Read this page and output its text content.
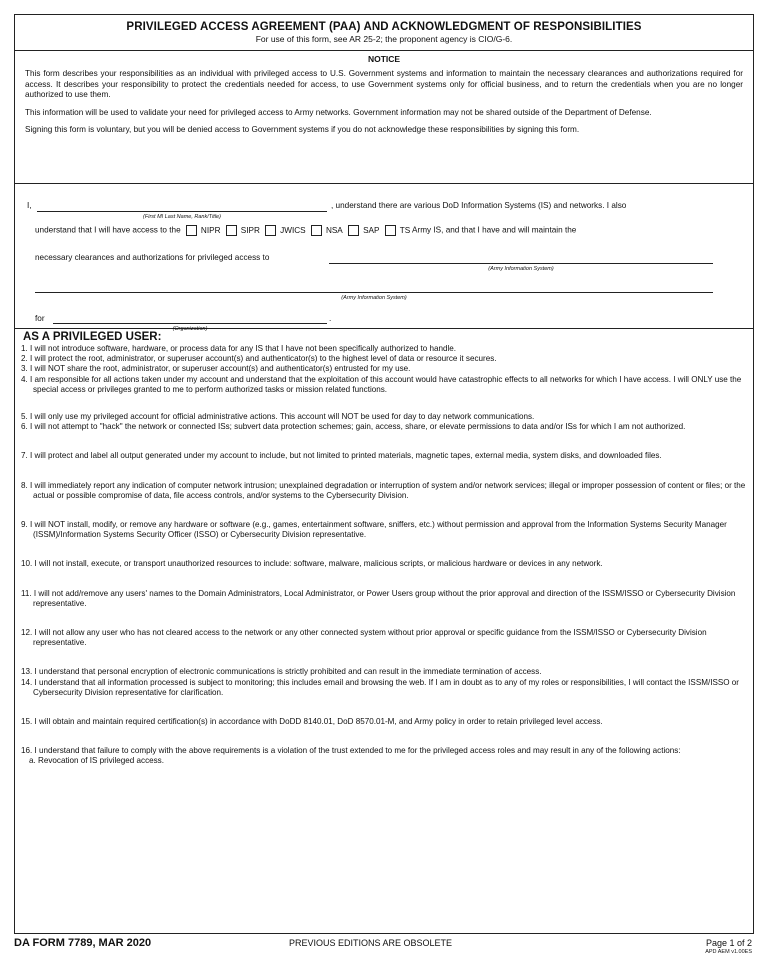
PRIVILEGED ACCESS AGREEMENT (PAA) AND ACKNOWLEDGMENT OF RESPONSIBILITIES
For use of this form, see AR 25-2; the proponent agency is CIO/G-6.
NOTICE

This form describes your responsibilities as an individual with privileged access to U.S. Government systems and information to maintain the necessary clearances and authorizations required for access. It describes your responsibility to protect the credentials needed for access, to use Government systems only for official business, and to return the credentials when you are no longer authorized to use them.

This information will be used to validate your need for privileged access to Army networks. Government information may not be shared outside of the Department of Defense.

Signing this form is voluntary, but you will be denied access to Government systems if you do not acknowledge these responsibilities by signing this form.

I,	, understand there are various DoD Information Systems (IS) and networks. I also
(First MI Last Name, Rank/Title)
understand that I will have access to the NIPR SIPR JWICS NSA SAP TS Army IS, and that I have and will maintain the
necessary clearances and authorizations for privileged access to
(Army Information System)
(Army Information System)
for	.
(Organization)
AS A PRIVILEGED USER:

1. I will not introduce software, hardware, or process data for any IS that I have not been specifically authorized to handle.

2. I will protect the root, administrator, or superuser account(s) and authenticator(s) to the highest level of data or resource it secures.

3. I will NOT share the root, administrator, or superuser account(s) and authenticator(s) entrusted for my use.

4. I am responsible for all actions taken under my account and understand that the exploitation of this account would have catastrophic effects to all networks for which I have access. I will ONLY use the special access or privileges granted to me to perform authorized tasks or mission related functions.

5. I will only use my privileged account for official administrative actions. This account will NOT be used for day to day network communications.

6. I will not attempt to "hack" the network or connected ISs; subvert data protection schemes; gain, access, share, or elevate permissions to data and/or ISs for which I am not authorized.

7. I will protect and label all output generated under my account to include, but not limited to printed materials, magnetic tapes, external media, system disks, and downloaded files.

8. I will immediately report any indication of computer network intrusion; unexplained degradation or interruption of system and/or network services; illegal or improper possession of content or files; or the actual or possible compromise of data, file access controls, and/or systems to the Cybersecurity Division.

9. I will NOT install, modify, or remove any hardware or software (e.g., games, entertainment software, sniffers, etc.) without permission and approval from the Information Systems Security Manager (ISSM)/Information Systems Security Officer (ISSO) or Cybersecurity Division representative.

10. I will not install, execute, or transport unauthorized resources to include: software, malware, malicious scripts, or malicious hardware or devices in any network.

11. I will not add/remove any users' names to the Domain Administrators, Local Administrator, or Power Users group without the prior approval and direction of the ISSM/ISSO or Cybersecurity Division representative.

12. I will not allow any user who has not cleared access to the network or any other connected system without prior approval or specific guidance from the ISSM/ISSO or Cybersecurity Division representative.

13. I understand that personal encryption of electronic communications is strictly prohibited and can result in the immediate termination of access.

14. I understand that all information processed is subject to monitoring; this includes email and browsing the web. If I am in doubt as to any of my roles or responsibilities, I will contact the ISSM/ISSO or Cybersecurity Division representative for clarification.

15. I will obtain and maintain required certification(s) in accordance with DoDD 8140.01, DoD 8570.01-M, and Army policy in order to retain privileged level access.

16. I understand that failure to comply with the above requirements is a violation of the trust extended to me for the privileged access roles and may result in any of the following actions:

a. Revocation of IS privileged access.

DA FORM 7789, MAR 2020	PREVIOUS EDITIONS ARE OBSOLETE	Page 1 of 2
APD AEM v1.00ES
